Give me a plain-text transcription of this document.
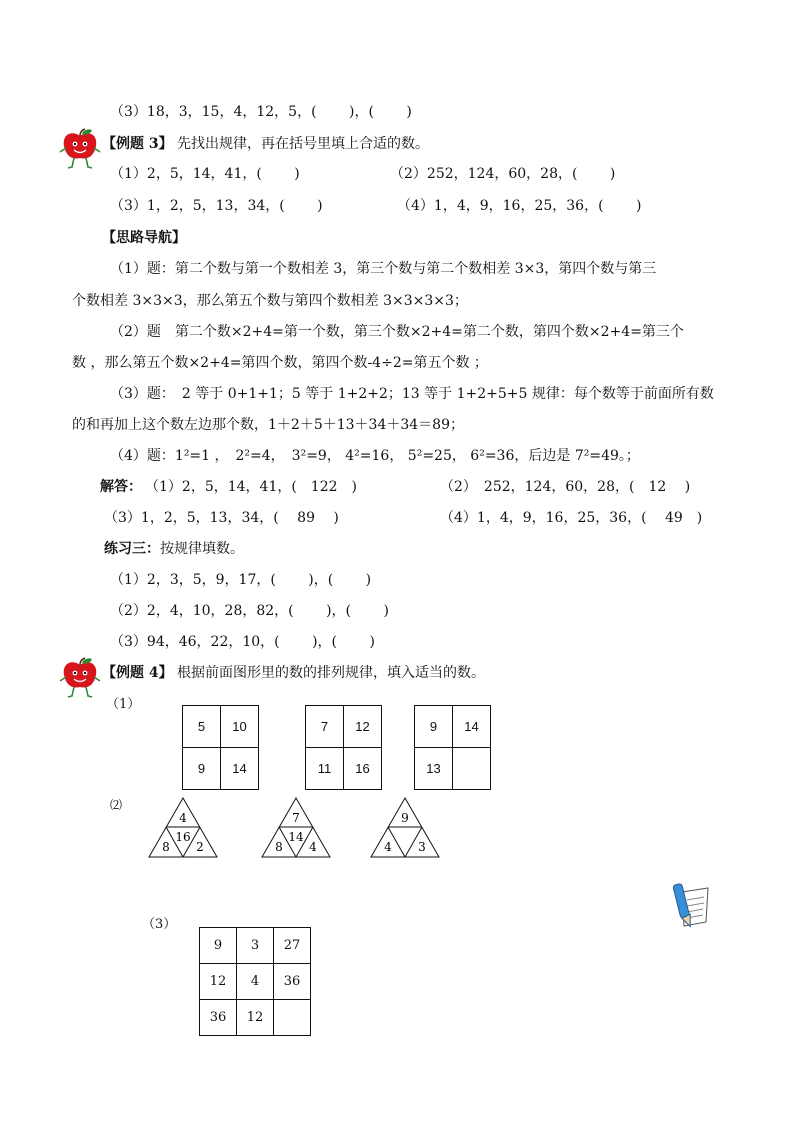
（3）18，3，15，4，12，5，(　　 )，(　　 )
【例题 3】 先找出规律，再在括号里填上合适的数。
（1）2，5，14，41，(　　 )	（2）252，124，60，28，(　　 )
（3）1，2，5，13，34，(　　 )	（4）1，4，9，16，25，36，(　　 )
【思路导航】
（1）题：第二个数与第一个数相差 3，第三个数与第二个数相差 3×3，第四个数与第三
个数相差 3×3×3，那么第五个数与第四个数相差 3×3×3×3；
（2）题　第二个数×2+4=第一个数，第三个数×2+4=第二个数，第四个数×2+4=第三个
数 ，那么第五个数×2+4=第四个数，第四个数-4÷2=第五个数 ；
（3）题：　2 等于 0+1+1；5 等于 1+2+2；13 等于 1+2+5+5 规律：每个数等于前面所有数
的和再加上这个数左边那个数，1＋2＋5＋13＋34＋34＝89；
（4）题：1²=1 ，　2²=4，　3²=9， 4²=16， 5²=25， 6²=36，后边是 7²=49。；
解答： （1）2，5，14，41，(　122　)	（2）　252，124，60，28，(　12　 )
（3）1，2，5，13，34，(　 89　 )	（4）1，4，9，16，25，36，(　 49　)
练习三： 按规律填数。
（1）2，3，5，9，17，(　　 )，(　　 )
（2）2，4，10，28，82，(　　 )，(　　 )
（3）94，46，22，10，(　　 )，(　　 )
【例题 4】 根据前面图形里的数的排列规律，填入适当的数。
（1）
5	10
9	14
7	12
11	16
9	14
13	
⑵
4
16
8 2
7
14
8 4
9
4 3
（3）
9	3	27
12	4	36
36	12	
